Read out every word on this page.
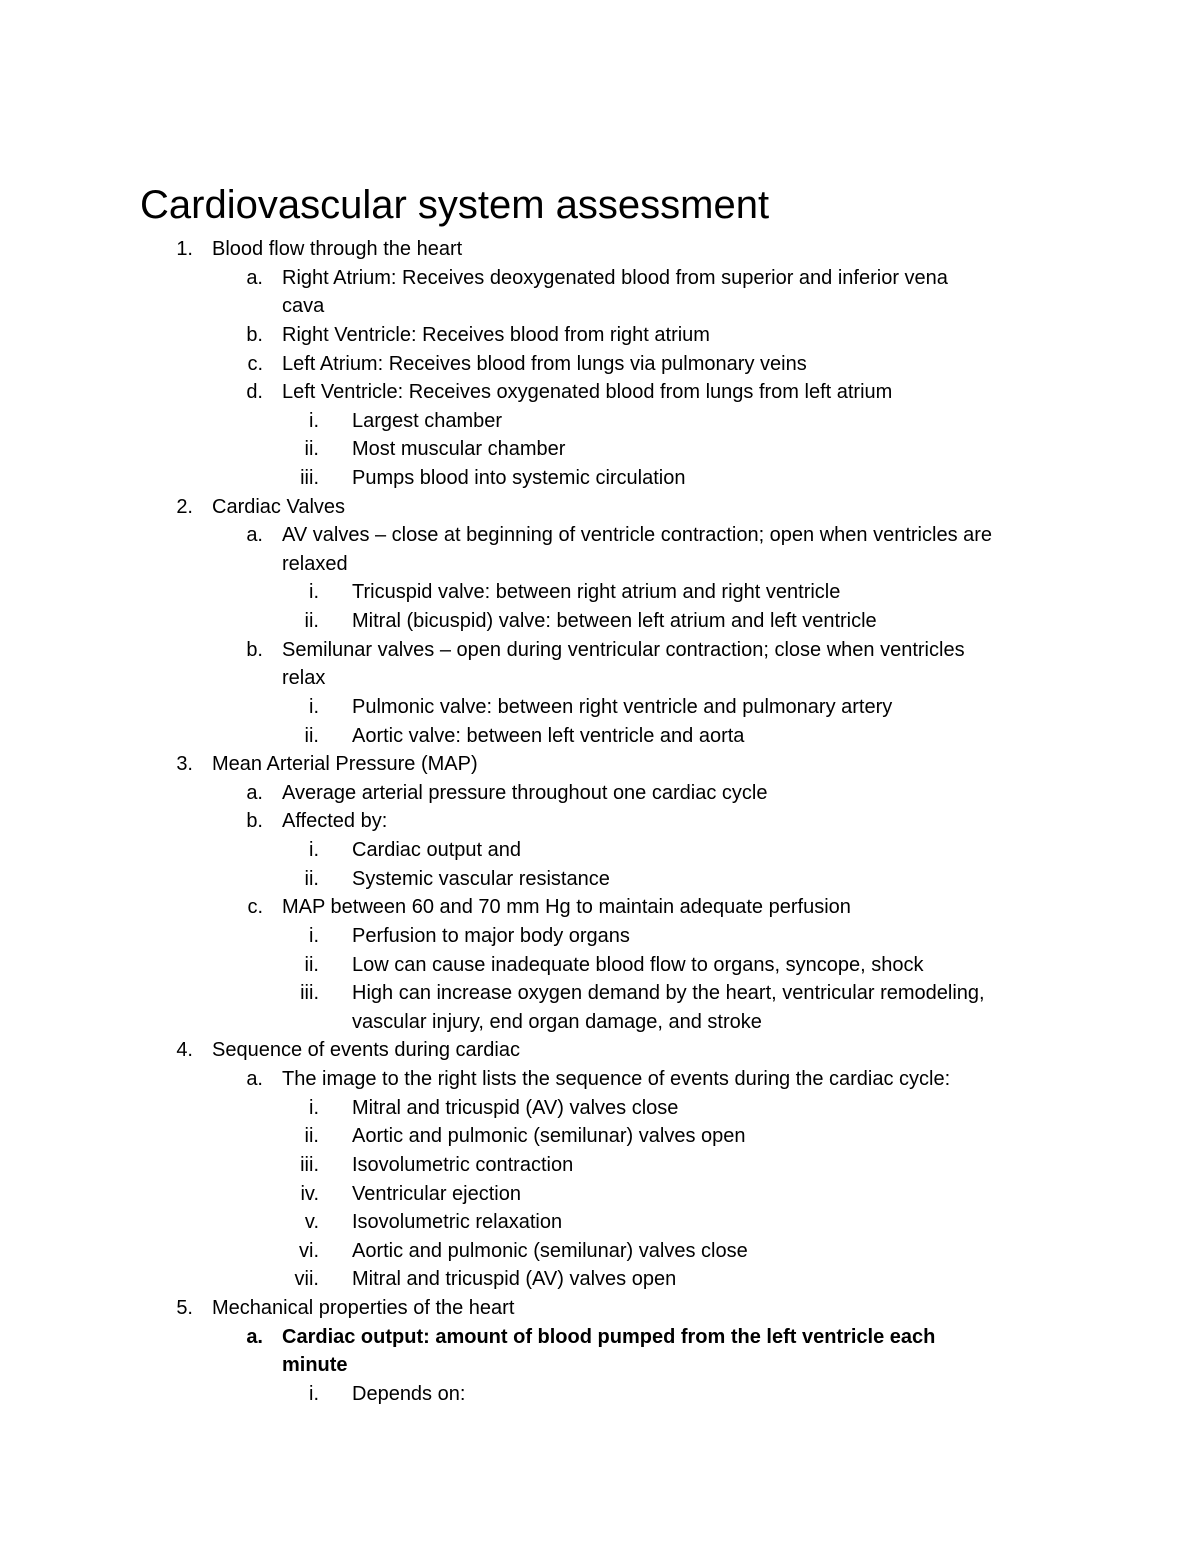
Cardiovascular system assessment
1. Blood flow through the heart
a. Right Atrium: Receives deoxygenated blood from superior and inferior vena
cava
b. Right Ventricle: Receives blood from right atrium
c. Left Atrium: Receives blood from lungs via pulmonary veins
d. Left Ventricle: Receives oxygenated blood from lungs from left atrium
i. Largest chamber
ii. Most muscular chamber
iii. Pumps blood into systemic circulation
2. Cardiac Valves
a. AV valves – close at beginning of ventricle contraction; open when ventricles are
relaxed
i. Tricuspid valve: between right atrium and right ventricle
ii. Mitral (bicuspid) valve: between left atrium and left ventricle
b. Semilunar valves – open during ventricular contraction; close when ventricles
relax
i. Pulmonic valve: between right ventricle and pulmonary artery
ii. Aortic valve: between left ventricle and aorta
3. Mean Arterial Pressure (MAP)
a. Average arterial pressure throughout one cardiac cycle
b. Affected by:
i. Cardiac output and
ii. Systemic vascular resistance
c. MAP between 60 and 70 mm Hg to maintain adequate perfusion
i. Perfusion to major body organs
ii. Low can cause inadequate blood flow to organs, syncope, shock
iii. High can increase oxygen demand by the heart, ventricular remodeling,
vascular injury, end organ damage, and stroke
4. Sequence of events during cardiac
a. The image to the right lists the sequence of events during the cardiac cycle:
i. Mitral and tricuspid (AV) valves close
ii. Aortic and pulmonic (semilunar) valves open
iii. Isovolumetric contraction
iv. Ventricular ejection
v. Isovolumetric relaxation
vi. Aortic and pulmonic (semilunar) valves close
vii. Mitral and tricuspid (AV) valves open
5. Mechanical properties of the heart
a. Cardiac output: amount of blood pumped from the left ventricle each
minute
i. Depends on:
